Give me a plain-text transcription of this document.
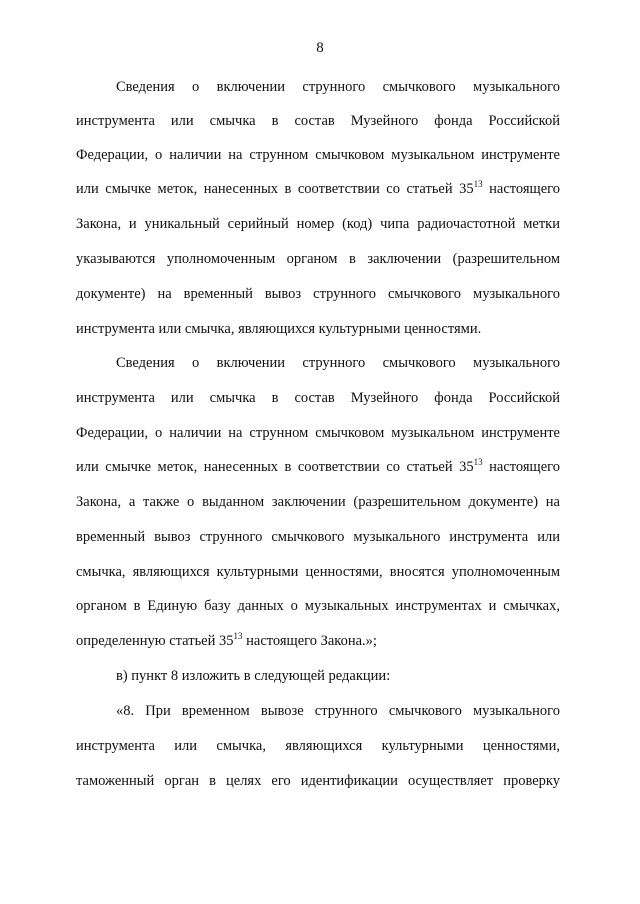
8
Сведения о включении струнного смычкового музыкального
инструмента или смычка в состав Музейного фонда Российской
Федерации, о наличии на струнном смычковом музыкальном инструменте
или смычке меток, нанесенных в соответствии со статьей $35^{13}$ настоящего
Закона, и уникальный серийный номер (код) чипа радиочастотной метки
указываются уполномоченным органом в заключении (разрешительном
документе) на временный вывоз струнного смычкового музыкального
инструмента или смычка, являющихся культурными ценностями.
Сведения о включении струнного смычкового музыкального
инструмента или смычка в состав Музейного фонда Российской
Федерации, о наличии на струнном смычковом музыкальном инструменте
или смычке меток, нанесенных в соответствии со статьей $35^{13}$ настоящего
Закона, а также о выданном заключении (разрешительном документе) на
временный вывоз струнного смычкового музыкального инструмента или
смычка, являющихся культурными ценностями, вносятся уполномоченным
органом в Единую базу данных о музыкальных инструментах и смычках,
определенную статьей $35^{13}$ настоящего Закона.»;
в) пункт 8 изложить в следующей редакции:
«8. При временном вывозе струнного смычкового музыкального
инструмента или смычка, являющихся культурными ценностями,
таможенный орган в целях его идентификации осуществляет проверку
